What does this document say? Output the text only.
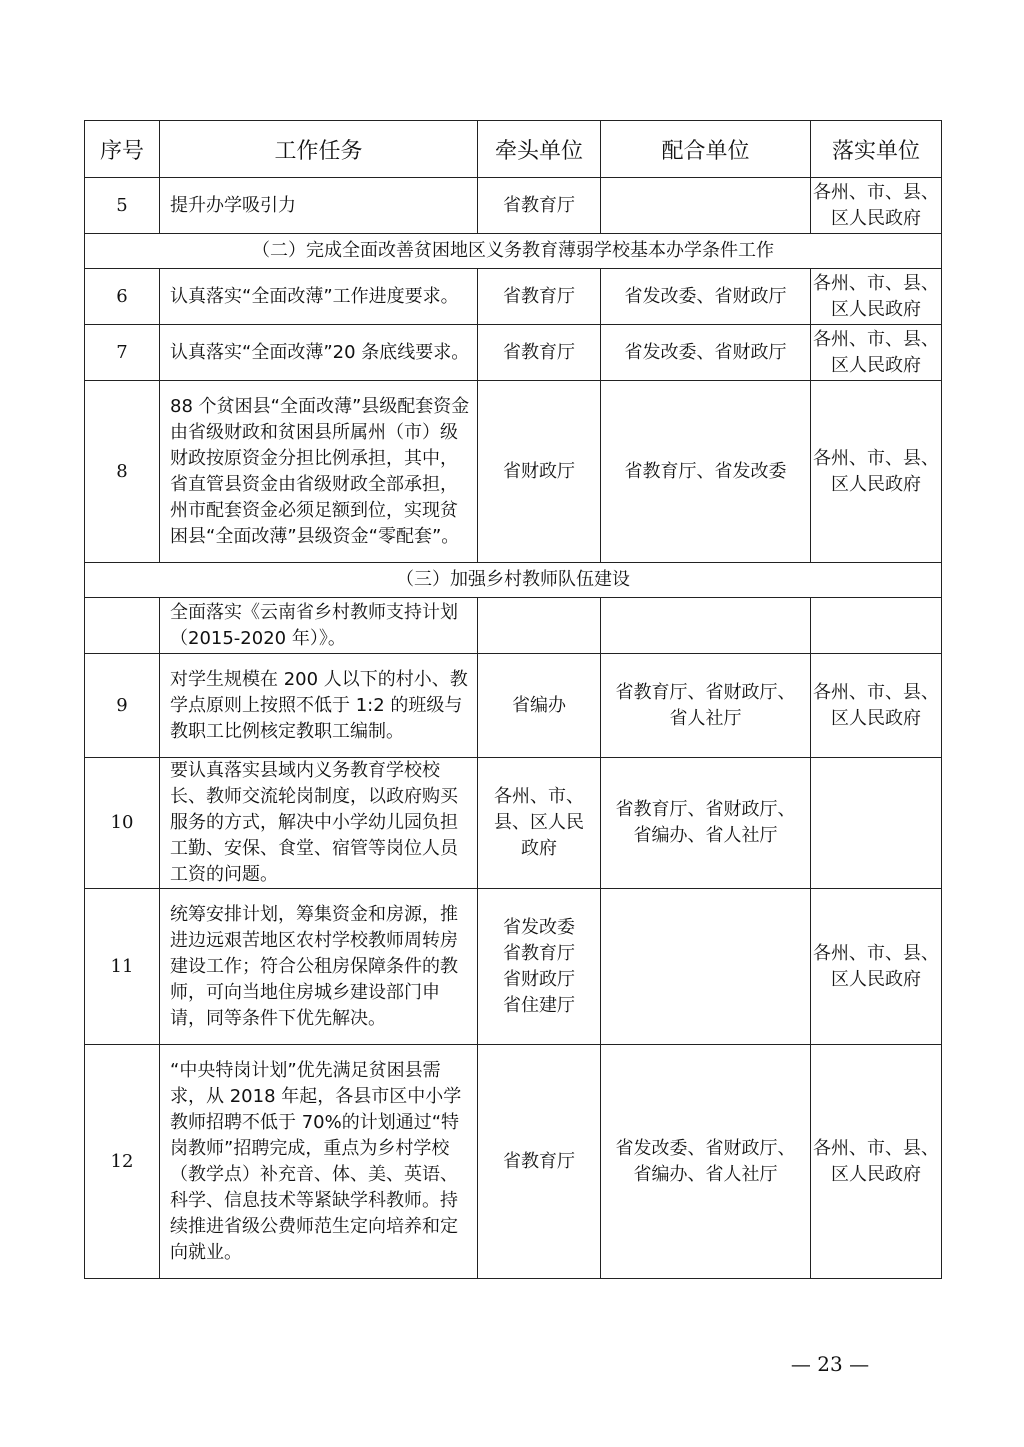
序号	工作任务	牵头单位	配合单位	落实单位
5	提升办学吸引力	省教育厅		各州、市、县、
区人民政府
（二）完成全面改善贫困地区义务教育薄弱学校基本办学条件工作				
6	认真落实“全面改薄”工作进度要求。	省教育厅	省发改委、省财政厅	各州、市、县、
区人民政府
7	认真落实“全面改薄”20 条底线要求。	省教育厅	省发改委、省财政厅	各州、市、县、
区人民政府
8	88 个贫困县“全面改薄”县级配套资金由省级财政和贫困县所属州（市）级财政按原资金分担比例承担，其中，省直管县资金由省级财政全部承担，州市配套资金必须足额到位，实现贫困县“全面改薄”县级资金“零配套”。	省财政厅	省教育厅、省发改委	各州、市、县、
区人民政府
（三）加强乡村教师队伍建设				
	全面落实《云南省乡村教师支持计划（2015-2020 年）》。			
9	对学生规模在 200 人以下的村小、教学点原则上按照不低于 1:2 的班级与教职工比例核定教职工编制。	省编办	省教育厅、省财政厅、
省人社厅	各州、市、县、
区人民政府
10	要认真落实县域内义务教育学校校长、教师交流轮岗制度，以政府购买服务的方式，解决中小学幼儿园负担工勤、安保、食堂、宿管等岗位人员工资的问题。	各州、市、
县、区人民
政府	省教育厅、省财政厅、
省编办、省人社厅	
11	统筹安排计划，筹集资金和房源，推进边远艰苦地区农村学校教师周转房建设工作；符合公租房保障条件的教师，可向当地住房城乡建设部门申请，同等条件下优先解决。	省发改委
省教育厅
省财政厅
省住建厅		各州、市、县、
区人民政府
12	“中央特岗计划”优先满足贫困县需求，从 2018 年起，各县市区中小学教师招聘不低于 70%的计划通过“特岗教师”招聘完成，重点为乡村学校（教学点）补充音、体、美、英语、科学、信息技术等紧缺学科教师。持续推进省级公费师范生定向培养和定向就业。	省教育厅	省发改委、省财政厅、
省编办、省人社厅	各州、市、县、
区人民政府
— 23 —
